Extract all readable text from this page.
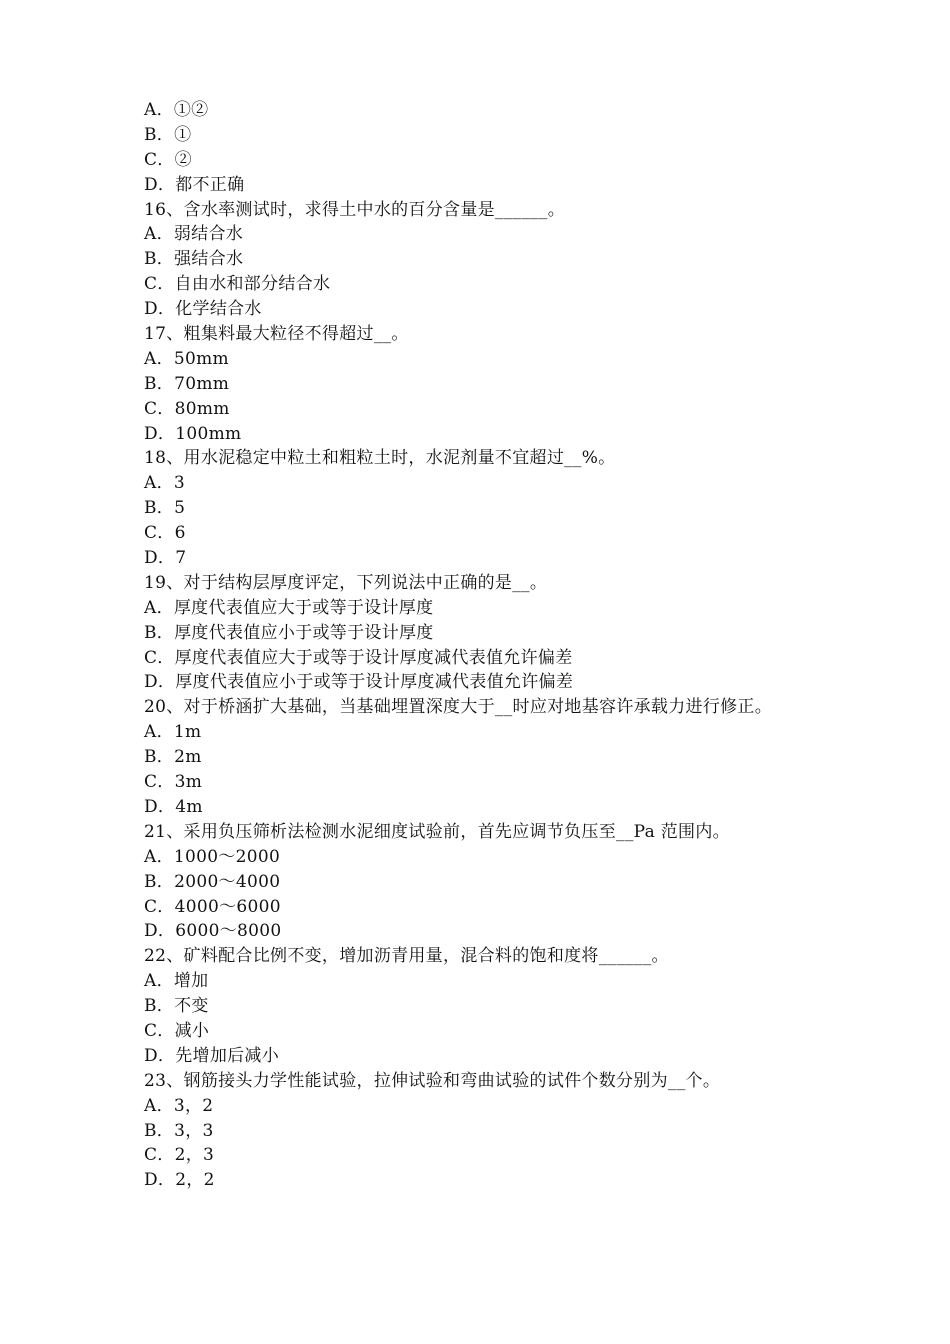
A．①②
B．①
C．②
D．都不正确
16、含水率测试时，求得土中水的百分含量是______。
A．弱结合水
B．强结合水
C．自由水和部分结合水
D．化学结合水
17、粗集料最大粒径不得超过__。
A．50mm
B．70mm
C．80mm
D．100mm
18、用水泥稳定中粒土和粗粒土时，水泥剂量不宜超过__%。
A．3
B．5
C．6
D．7
19、对于结构层厚度评定，下列说法中正确的是__。
A．厚度代表值应大于或等于设计厚度
B．厚度代表值应小于或等于设计厚度
C．厚度代表值应大于或等于设计厚度减代表值允许偏差
D．厚度代表值应小于或等于设计厚度减代表值允许偏差
20、对于桥涵扩大基础，当基础埋置深度大于__时应对地基容许承载力进行修正。
A．1m
B．2m
C．3m
D．4m
21、采用负压筛析法检测水泥细度试验前，首先应调节负压至__Pa 范围内。
A．1000～2000
B．2000～4000
C．4000～6000
D．6000～8000
22、矿料配合比例不变，增加沥青用量，混合料的饱和度将______。
A．增加
B．不变
C．减小
D．先增加后减小
23、钢筋接头力学性能试验，拉伸试验和弯曲试验的试件个数分别为__个。
A．3，2
B．3，3
C．2，3
D．2，2
